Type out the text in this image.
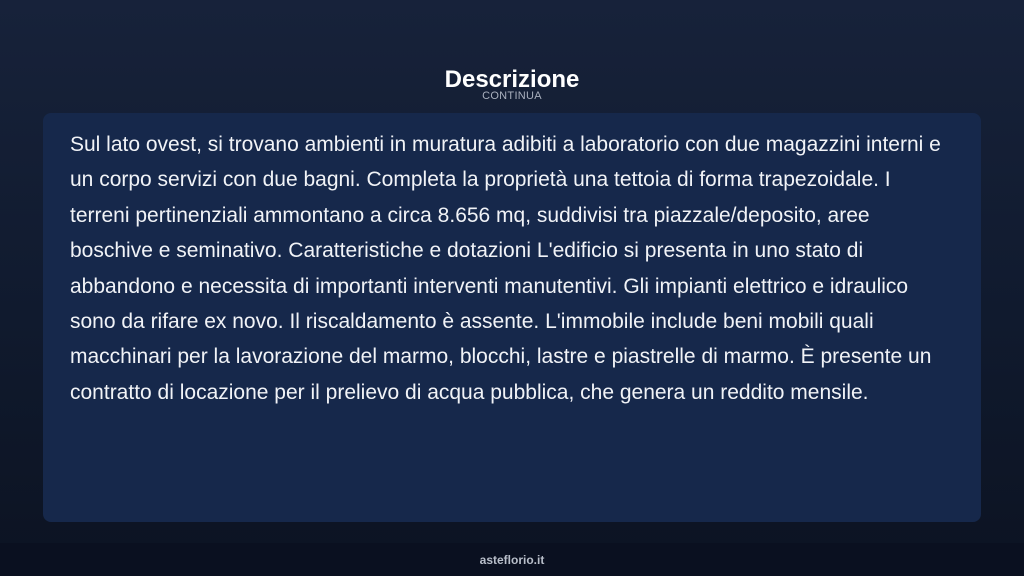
Descrizione
CONTINUA

Sul lato ovest, si trovano ambienti in muratura adibiti a laboratorio con due magazzini interni e un corpo servizi con due bagni. Completa la proprietà una tettoia di forma trapezoidale. I terreni pertinenziali ammontano a circa 8.656 mq, suddivisi tra piazzale/deposito, aree boschive e seminativo. Caratteristiche e dotazioni L'edificio si presenta in uno stato di abbandono e necessita di importanti interventi manutentivi. Gli impianti elettrico e idraulico sono da rifare ex novo. Il riscaldamento è assente. L'immobile include beni mobili quali macchinari per la lavorazione del marmo, blocchi, lastre e piastrelle di marmo. È presente un contratto di locazione per il prelievo di acqua pubblica, che genera un reddito mensile.

asteflorio.it
